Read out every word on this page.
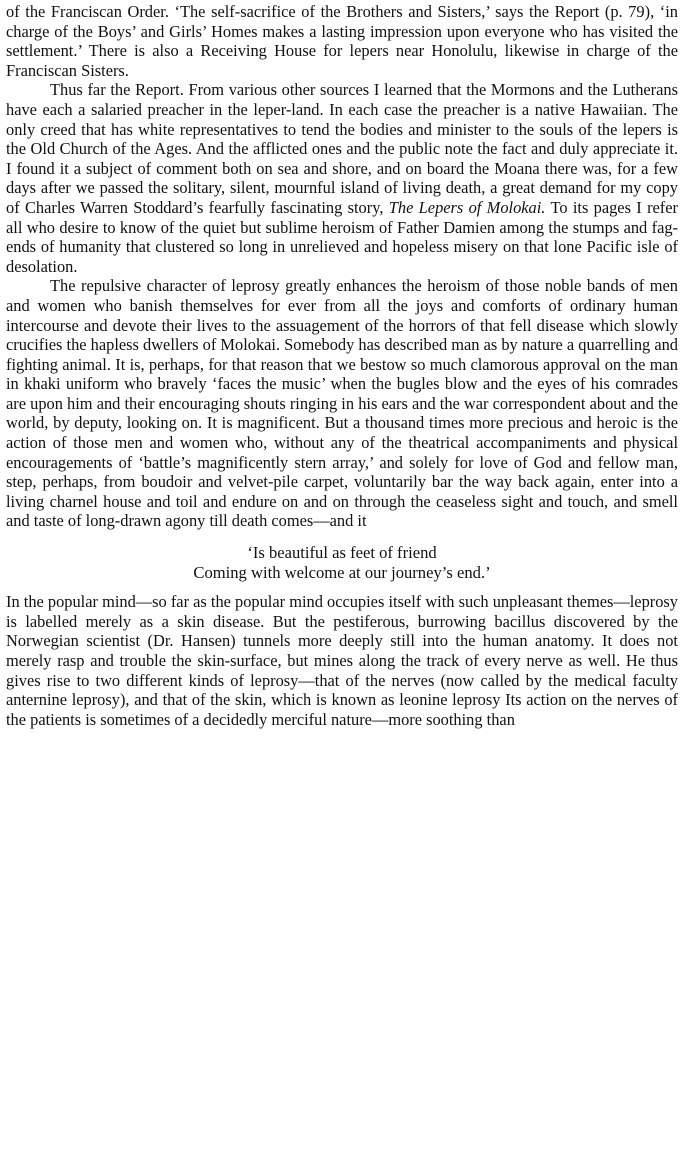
of the Franciscan Order. ‘The self-sacrifice of the Brothers and Sisters,’ says the Report (p. 79), ‘in charge of the Boys’ and Girls’ Homes makes a lasting impression upon everyone who has visited the settlement.’ There is also a Receiving House for lepers near Honolulu, likewise in charge of the Franciscan Sisters.

Thus far the Report. From various other sources I learned that the Mormons and the Lutherans have each a salaried preacher in the leper-land. In each case the preacher is a native Hawaiian. The only creed that has white representatives to tend the bodies and minister to the souls of the lepers is the Old Church of the Ages. And the afflicted ones and the public note the fact and duly appreciate it. I found it a subject of comment both on sea and shore, and on board the Moana there was, for a few days after we passed the solitary, silent, mournful island of living death, a great demand for my copy of Charles Warren Stoddard’s fearfully fascinating story, The Lepers of Molokai. To its pages I refer all who desire to know of the quiet but sublime heroism of Father Damien among the stumps and fag-ends of humanity that clustered so long in unrelieved and hopeless misery on that lone Pacific isle of desolation.

The repulsive character of leprosy greatly enhances the heroism of those noble bands of men and women who banish themselves for ever from all the joys and comforts of ordinary human intercourse and devote their lives to the assuagement of the horrors of that fell disease which slowly crucifies the hapless dwellers of Molokai. Somebody has described man as by nature a quarrelling and fighting animal. It is, perhaps, for that reason that we bestow so much clamorous approval on the man in khaki uniform who bravely ‘faces the music’ when the bugles blow and the eyes of his comrades are upon him and their encouraging shouts ringing in his ears and the war correspondent about and the world, by deputy, looking on. It is magnificent. But a thousand times more precious and heroic is the action of those men and women who, without any of the theatrical accompaniments and physical encouragements of ‘battle’s magnificently stern array,’ and solely for love of God and fellow man, step, perhaps, from boudoir and velvet-pile carpet, voluntarily bar the way back again, enter into a living charnel house and toil and endure on and on through the ceaseless sight and touch, and smell and taste of long-drawn agony till death comes—and it

‘Is beautiful as feet of friend
Coming with welcome at our journey’s end.’

In the popular mind—so far as the popular mind occupies itself with such unpleasant themes—leprosy is labelled merely as a skin disease. But the pestiferous, burrowing bacillus discovered by the Norwegian scientist (Dr. Hansen) tunnels more deeply still into the human anatomy. It does not merely rasp and trouble the skin-surface, but mines along the track of every nerve as well. He thus gives rise to two different kinds of leprosy—that of the nerves (now called by the medical faculty anternine leprosy), and that of the skin, which is known as leonine leprosy Its action on the nerves of the patients is sometimes of a decidedly merciful nature—more soothing than
